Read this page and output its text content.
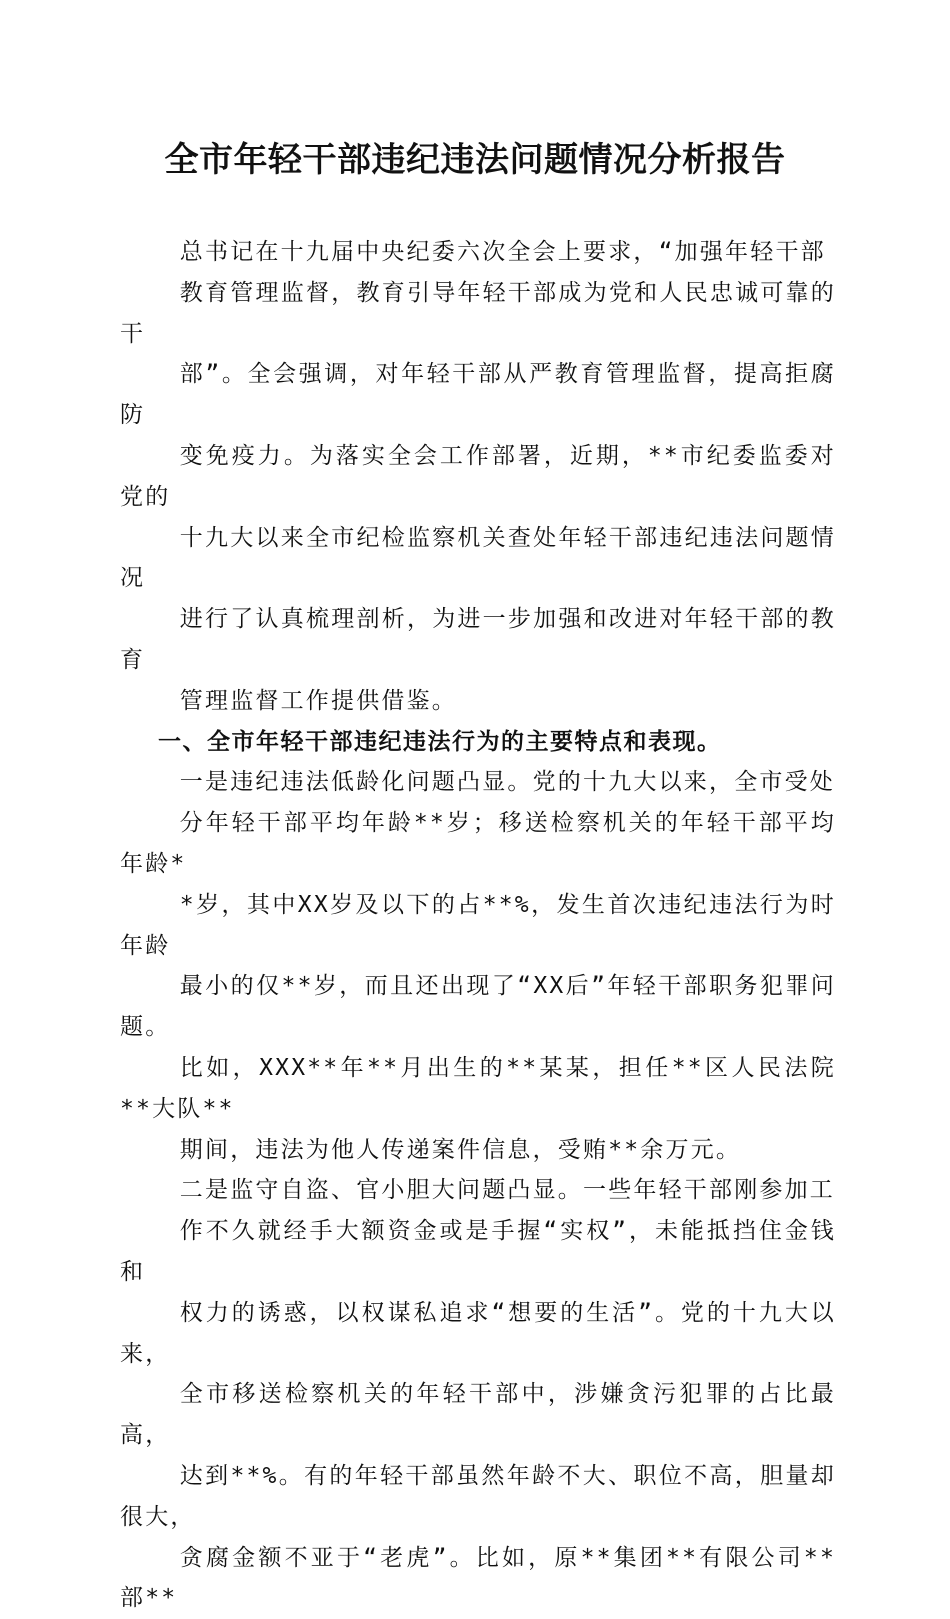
全市年轻干部违纪违法问题情况分析报告

总书记在十九届中央纪委六次全会上要求，“加强年轻干部
教育管理监督，教育引导年轻干部成为党和人民忠诚可靠的干
部”。全会强调，对年轻干部从严教育管理监督，提高拒腐防
变免疫力。为落实全会工作部署，近期，**市纪委监委对党的
十九大以来全市纪检监察机关查处年轻干部违纪违法问题情况
进行了认真梳理剖析，为进一步加强和改进对年轻干部的教育
管理监督工作提供借鉴。

一、全市年轻干部违纪违法行为的主要特点和表现。

一是违纪违法低龄化问题凸显。党的十九大以来，全市受处
分年轻干部平均年龄**岁；移送检察机关的年轻干部平均年龄*
*岁，其中XX岁及以下的占**%，发生首次违纪违法行为时年龄
最小的仅**岁，而且还出现了“XX后”年轻干部职务犯罪问题。
比如，XXX**年**月出生的**某某，担任**区人民法院**大队**
期间，违法为他人传递案件信息，受贿**余万元。

二是监守自盗、官小胆大问题凸显。一些年轻干部刚参加工
作不久就经手大额资金或是手握“实权”，未能抵挡住金钱和
权力的诱惑，以权谋私追求“想要的生活”。党的十九大以来，
全市移送检察机关的年轻干部中，涉嫌贪污犯罪的占比最高，
达到**%。有的年轻干部虽然年龄不大、职位不高，胆量却很大，
贪腐金额不亚于“老虎”。比如，原**集团**有限公司**部**
